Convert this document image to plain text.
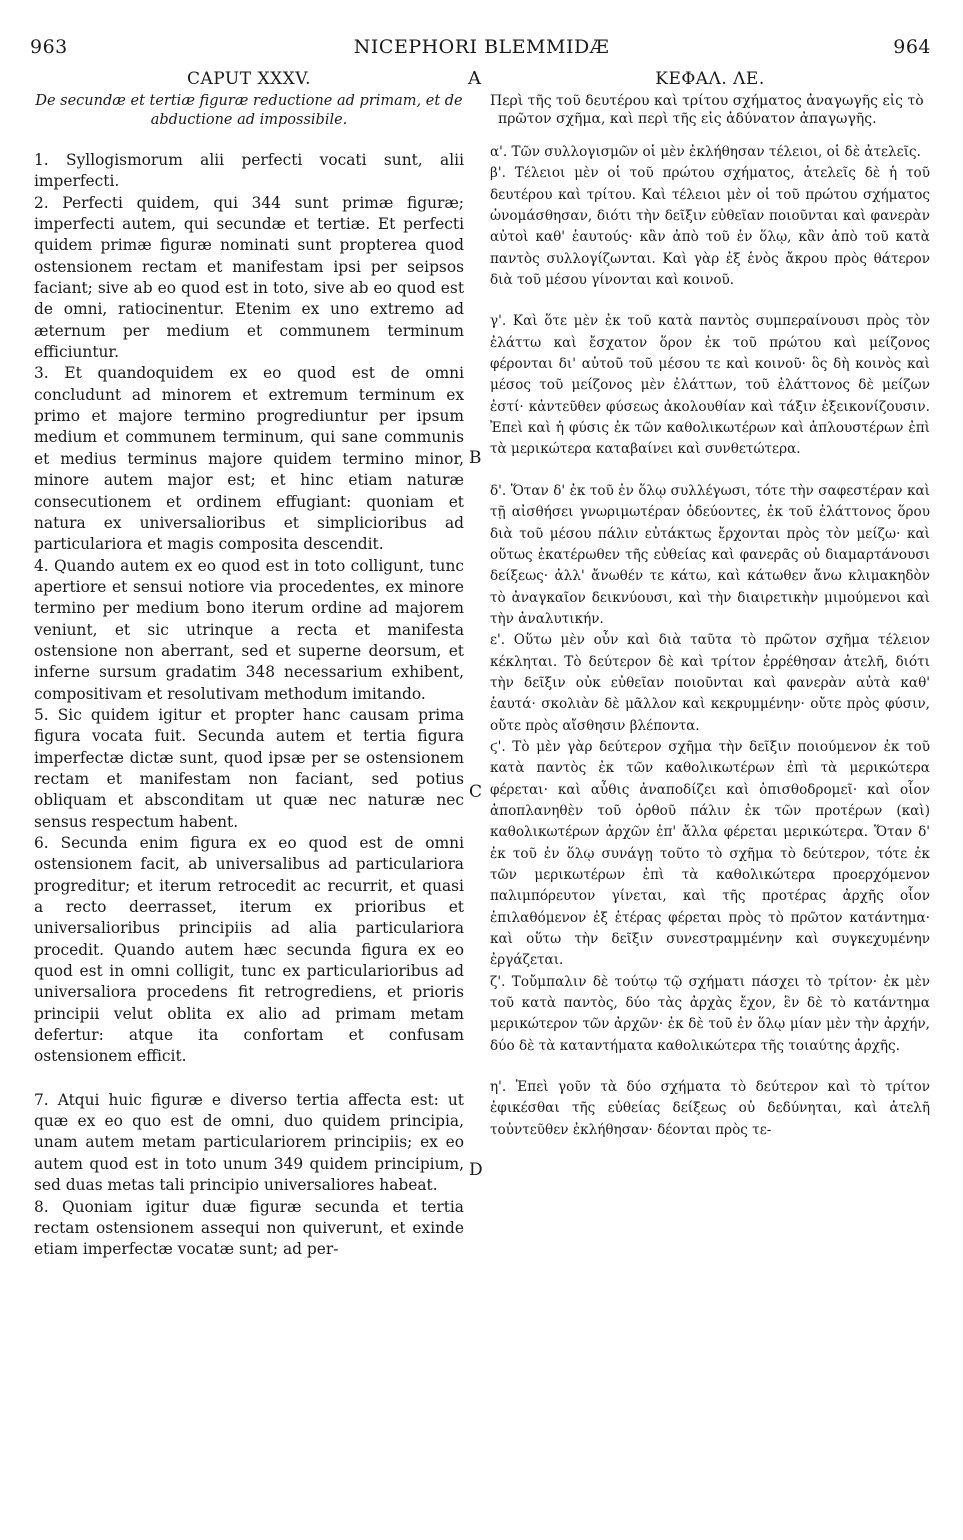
963	NICEPHORI BLEMMIDÆ	964
A
B
C
D
CAPUT XXXV.
De secundæ et tertiæ figuræ reductione ad primam, et de abductione ad impossibile.

1. Syllogismorum alii perfecti vocati sunt, alii imperfecti.

2. Perfecti quidem, qui 344 sunt primæ figuræ; imperfecti autem, qui secundæ et tertiæ. Et perfecti quidem primæ figuræ nominati sunt propterea quod ostensionem rectam et manifestam ipsi per seipsos faciant; sive ab eo quod est in toto, sive ab eo quod est de omni, ratiocinentur. Etenim ex uno extremo ad æternum per medium et communem terminum efficiuntur.

3. Et quandoquidem ex eo quod est de omni concludunt ad minorem et extremum terminum ex primo et majore termino progrediuntur per ipsum medium et communem terminum, qui sane communis et medius terminus majore quidem termino minor, minore autem major est; et hinc etiam naturæ consecutionem et ordinem effugiant: quoniam et natura ex universalioribus et simplicioribus ad particulariora et magis composita descendit.

4. Quando autem ex eo quod est in toto colligunt, tunc apertiore et sensui notiore via procedentes, ex minore termino per medium bono iterum ordine ad majorem veniunt, et sic utrinque a recta et manifesta ostensione non aberrant, sed et superne deorsum, et inferne sursum gradatim 348 necessarium exhibent, compositivam et resolutivam methodum imitando.

5. Sic quidem igitur et propter hanc causam prima figura vocata fuit. Secunda autem et tertia figura imperfectæ dictæ sunt, quod ipsæ per se ostensionem rectam et manifestam non faciant, sed potius obliquam et absconditam ut quæ nec naturæ nec sensus respectum habent.

6. Secunda enim figura ex eo quod est de omni ostensionem facit, ab universalibus ad particulariora progreditur; et iterum retrocedit ac recurrit, et quasi a recto deerrasset, iterum ex prioribus et universalioribus principiis ad alia particulariora procedit. Quando autem hæc secunda figura ex eo quod est in omni colligit, tunc ex particularioribus ad universaliora procedens fit retrogrediens, et prioris principii velut oblita ex alio ad primam metam defertur: atque ita confortam et confusam ostensionem efficit.

7. Atqui huic figuræ e diverso tertia affecta est: ut quæ ex eo quo est de omni, duo quidem principia, unam autem metam particulariorem principiis; ex eo autem quod est in toto unum 349 quidem principium, sed duas metas tali principio universaliores habeat.

8. Quoniam igitur duæ figuræ secunda et tertia rectam ostensionem assequi non quiverunt, et exinde etiam imperfectæ vocatæ sunt; ad per-

ΚΕΦΑΛ. ΛΕ.
Περὶ τῆς τοῦ δευτέρου καὶ τρίτου σχήματος ἀναγωγῆς εἰς τὸ πρῶτον σχῆμα, καὶ περὶ τῆς εἰς ἀδύνατον ἀπαγωγῆς.

α'. Τῶν συλλογισμῶν οἱ μὲν ἐκλήθησαν τέλειοι, οἱ δὲ ἀτελεῖς.

β'. Τέλειοι μὲν οἱ τοῦ πρώτου σχήματος, ἀτελεῖς δὲ ἡ τοῦ δευτέρου καὶ τρίτου. Καὶ τέλειοι μὲν οἱ τοῦ πρώτου σχήματος ὠνομάσθησαν, διότι τὴν δεῖξιν εὐθεῖαν ποιοῦνται καὶ φανερὰν αὐτοὶ καθ' ἑαυτούς· κἂν ἀπὸ τοῦ ἐν ὅλῳ, κἂν ἀπὸ τοῦ κατὰ παντὸς συλλογίζωνται. Καὶ γὰρ ἐξ ἑνὸς ἄκρου πρὸς θάτερον διὰ τοῦ μέσου γίνονται καὶ κοινοῦ.

γ'. Καὶ ὅτε μὲν ἐκ τοῦ κατὰ παντὸς συμπεραίνουσι πρὸς τὸν ἐλάττω καὶ ἔσχατον ὅρον ἐκ τοῦ πρώτου καὶ μείζονος φέρονται δι' αὐτοῦ τοῦ μέσου τε καὶ κοινοῦ· ὃς δὴ κοινὸς καὶ μέσος τοῦ μείζονος μὲν ἐλάττων, τοῦ ἐλάττονος δὲ μείζων ἐστί· κἀντεῦθεν φύσεως ἀκολουθίαν καὶ τάξιν ἐξεικονίζουσιν. Ἐπεὶ καὶ ἡ φύσις ἐκ τῶν καθολικωτέρων καὶ ἁπλουστέρων ἐπὶ τὰ μερικώτερα καταβαίνει καὶ συνθετώτερα.

δ'. Ὅταν δ' ἐκ τοῦ ἐν ὅλῳ συλλέγωσι, τότε τὴν σαφεστέραν καὶ τῇ αἰσθήσει γνωριμωτέραν ὁδεύοντες, ἐκ τοῦ ἐλάττονος ὅρου διὰ τοῦ μέσου πάλιν εὐτάκτως ἔρχονται πρὸς τὸν μείζω· καὶ οὕτως ἑκατέρωθεν τῆς εὐθείας καὶ φανερᾶς οὐ διαμαρτάνουσι δείξεως· ἀλλ' ἄνωθέν τε κάτω, καὶ κάτωθεν ἄνω κλιμακηδὸν τὸ ἀναγκαῖον δεικνύουσι, καὶ τὴν διαιρετικὴν μιμούμενοι καὶ τὴν ἀναλυτικήν.

ε'. Οὕτω μὲν οὖν καὶ διὰ ταῦτα τὸ πρῶτον σχῆμα τέλειον κέκληται. Τὸ δεύτερον δὲ καὶ τρίτον ἐρρέθησαν ἀτελῆ, διότι τὴν δεῖξιν οὐκ εὐθεῖαν ποιοῦνται καὶ φανερὰν αὐτὰ καθ' ἑαυτά· σκολιὰν δὲ μᾶλλον καὶ κεκρυμμένην· οὔτε πρὸς φύσιν, οὔτε πρὸς αἴσθησιν βλέποντα.

ϛ'. Τὸ μὲν γὰρ δεύτερον σχῆμα τὴν δεῖξιν ποιούμενον ἐκ τοῦ κατὰ παντὸς ἐκ τῶν καθολικωτέρων ἐπὶ τὰ μερικώτερα φέρεται· καὶ αὖθις ἀναποδίζει καὶ ὀπισθοδρομεῖ· καὶ οἷον ἀποπλανηθὲν τοῦ ὀρθοῦ πάλιν ἐκ τῶν προτέρων (καὶ) καθολικωτέρων ἀρχῶν ἐπ' ἄλλα φέρεται μερικώτερα. Ὅταν δ' ἐκ τοῦ ἐν ὅλῳ συνάγῃ τοῦτο τὸ σχῆμα τὸ δεύτερον, τότε ἐκ τῶν μερικωτέρων ἐπὶ τὰ καθολικώτερα προερχόμενον παλιμπόρευτον γίνεται, καὶ τῆς προτέρας ἀρχῆς οἷον ἐπιλαθόμενον ἐξ ἑτέρας φέρεται πρὸς τὸ πρῶτον κατάντημα· καὶ οὕτω τὴν δεῖξιν συνεστραμμένην καὶ συγκεχυμένην ἐργάζεται.

ζ'. Τοὔμπαλιν δὲ τούτῳ τῷ σχήματι πάσχει τὸ τρίτον· ἐκ μὲν τοῦ κατὰ παντὸς, δύο τὰς ἀρχὰς ἔχον, ἓν δὲ τὸ κατάντημα μερικώτερον τῶν ἀρχῶν· ἐκ δὲ τοῦ ἐν ὅλῳ μίαν μὲν τὴν ἀρχήν, δύο δὲ τὰ καταντήματα καθολικώτερα τῆς τοιαύτης ἀρχῆς.

η'. Ἐπεὶ γοῦν τὰ δύο σχήματα τὸ δεύτερον καὶ τὸ τρίτον ἐφικέσθαι τῆς εὐθείας δείξεως οὐ δεδύνηται, καὶ ἀτελῆ τοὐντεῦθεν ἐκλήθησαν· δέονται πρὸς τε-
